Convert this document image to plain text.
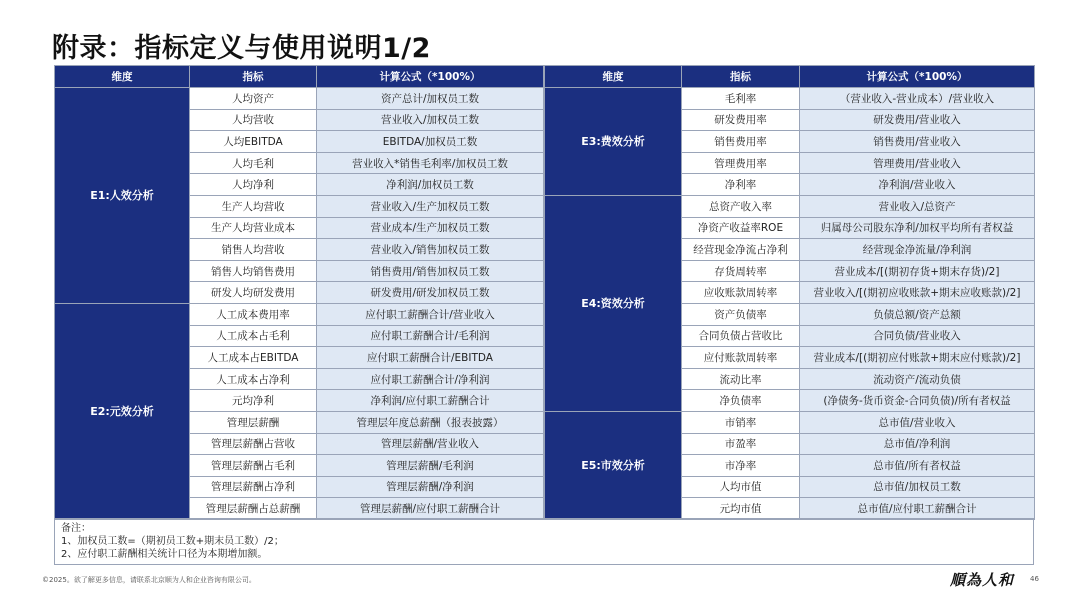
附录：指标定义与使用说明1/2
维度	指标	计算公式（*100%）		维度	指标	计算公式（*100%）
E1:人效分析	人均资产	资产总计/加权员工数		E3:费效分析	毛利率	（营业收入-营业成本）/营业收入
	人均营收	营业收入/加权员工数		研发费用率	研发费用/营业收入
	人均EBITDA	EBITDA/加权员工数		销售费用率	销售费用/营业收入
	人均毛利	营业收入*销售毛利率/加权员工数		管理费用率	管理费用/营业收入
	人均净利	净利润/加权员工数		净利率	净利润/营业收入
	生产人均营收	营业收入/生产加权员工数		E4:资效分析	总资产收入率	营业收入/总资产
	生产人均营业成本	营业成本/生产加权员工数		净资产收益率ROE	归属母公司股东净利/加权平均所有者权益
	销售人均营收	营业收入/销售加权员工数		经营现金净流占净利	经营现金净流量/净利润
	销售人均销售费用	销售费用/销售加权员工数		存货周转率	营业成本/[(期初存货+期末存货)/2]
	研发人均研发费用	研发费用/研发加权员工数		应收账款周转率	营业收入/[(期初应收账款+期末应收账款)/2]
E2:元效分析	人工成本费用率	应付职工薪酬合计/营业收入		资产负债率	负债总额/资产总额
	人工成本占毛利	应付职工薪酬合计/毛利润		合同负债占营收比	合同负债/营业收入
	人工成本占EBITDA	应付职工薪酬合计/EBITDA		应付账款周转率	营业成本/[(期初应付账款+期末应付账款)/2]
	人工成本占净利	应付职工薪酬合计/净利润		流动比率	流动资产/流动负债
	元均净利	净利润/应付职工薪酬合计		净负债率	(净债务-货币资金-合同负债)/所有者权益
	管理层薪酬	管理层年度总薪酬（报表披露）		E5:市效分析	市销率	总市值/营业收入
	管理层薪酬占营收	管理层薪酬/营业收入		市盈率	总市值/净利润
	管理层薪酬占毛利	管理层薪酬/毛利润		市净率	总市值/所有者权益
	管理层薪酬占净利	管理层薪酬/净利润		人均市值	总市值/加权员工数
	管理层薪酬占总薪酬	管理层薪酬/应付职工薪酬合计		元均市值	总市值/应付职工薪酬合计
备注：
1、加权员工数=（期初员工数+期末员工数）/2；
2、应付职工薪酬相关统计口径为本期增加额。
©2025。欲了解更多信息，请联系北京顺为人和企业咨询有限公司。	順為人和 46
